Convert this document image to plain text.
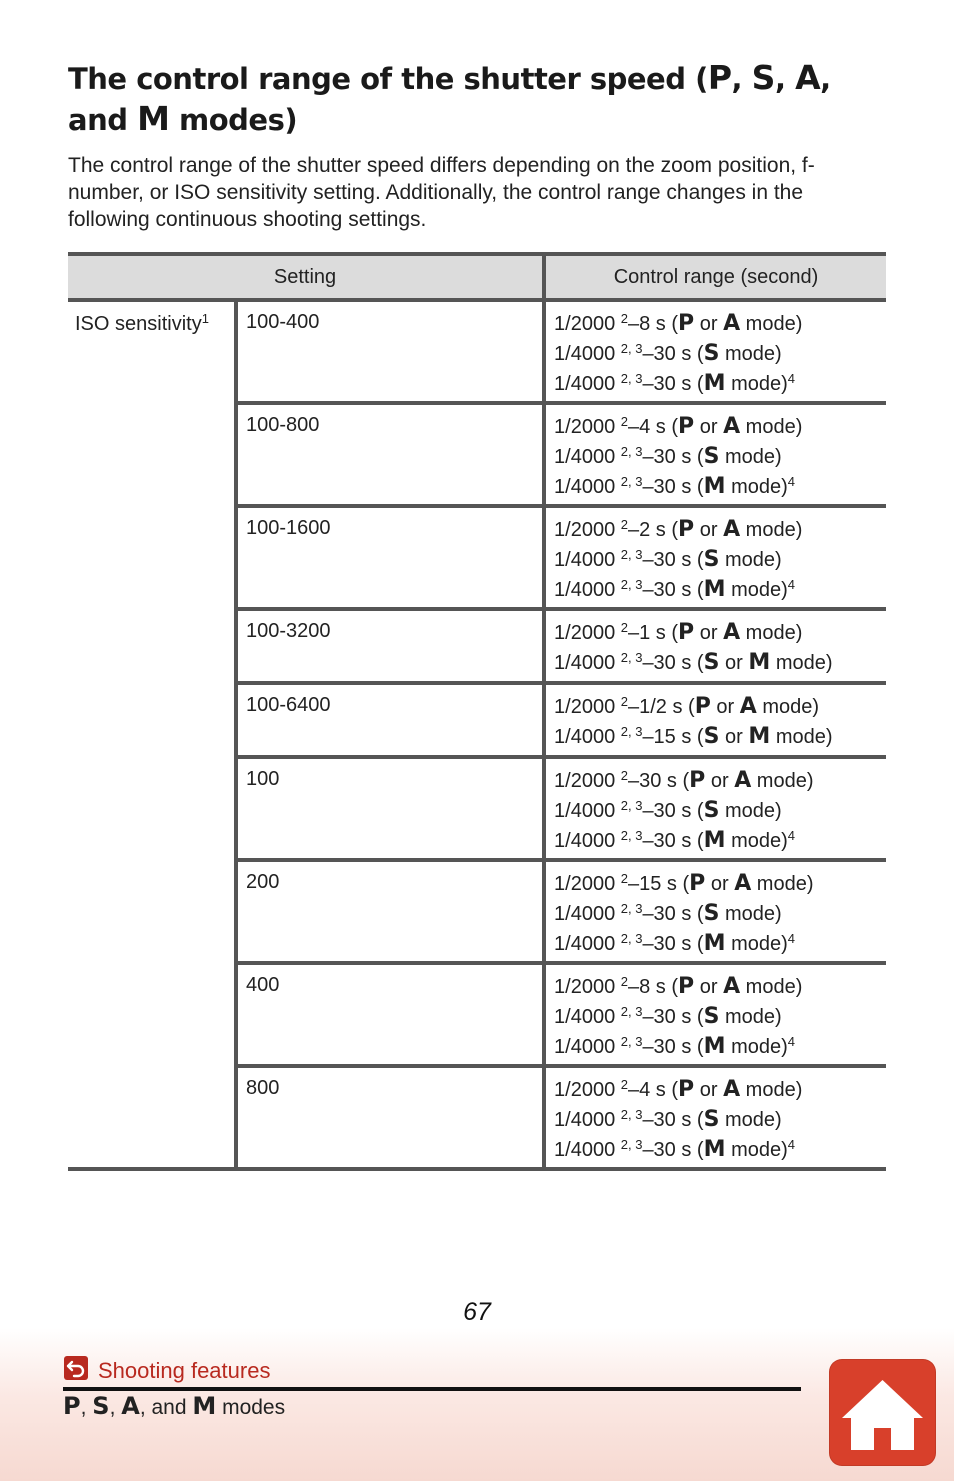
The control range of the shutter speed (P, S, A, and M modes)

The control range of the shutter speed differs depending on the zoom position, f-number, or ISO sensitivity setting. Additionally, the control range changes in the following continuous shooting settings.

Setting		Control range (second)
ISO sensitivity$^1$	100-400	1/2000 $^2$–8 s (P or A mode)
1/4000 $^{2, 3}$–30 s (S mode)
1/4000 $^{2, 3}$–30 s (M mode)$^4$

	100-800	1/2000 $^2$–4 s (P or A mode)
1/4000 $^{2, 3}$–30 s (S mode)
1/4000 $^{2, 3}$–30 s (M mode)$^4$

	100-1600	1/2000 $^2$–2 s (P or A mode)
1/4000 $^{2, 3}$–30 s (S mode)
1/4000 $^{2, 3}$–30 s (M mode)$^4$

	100-3200	1/2000 $^2$–1 s (P or A mode)
1/4000 $^{2, 3}$–30 s (S or M mode)

	100-6400	1/2000 $^2$–1/2 s (P or A mode)
1/4000 $^{2, 3}$–15 s (S or M mode)

	100	1/2000 $^2$–30 s (P or A mode)
1/4000 $^{2, 3}$–30 s (S mode)
1/4000 $^{2, 3}$–30 s (M mode)$^4$

	200	1/2000 $^2$–15 s (P or A mode)
1/4000 $^{2, 3}$–30 s (S mode)
1/4000 $^{2, 3}$–30 s (M mode)$^4$

	400	1/2000 $^2$–8 s (P or A mode)
1/4000 $^{2, 3}$–30 s (S mode)
1/4000 $^{2, 3}$–30 s (M mode)$^4$

	800	1/2000 $^2$–4 s (P or A mode)
1/4000 $^{2, 3}$–30 s (S mode)
1/4000 $^{2, 3}$–30 s (M mode)$^4$
67
Shooting features
P, S, A, and M modes
